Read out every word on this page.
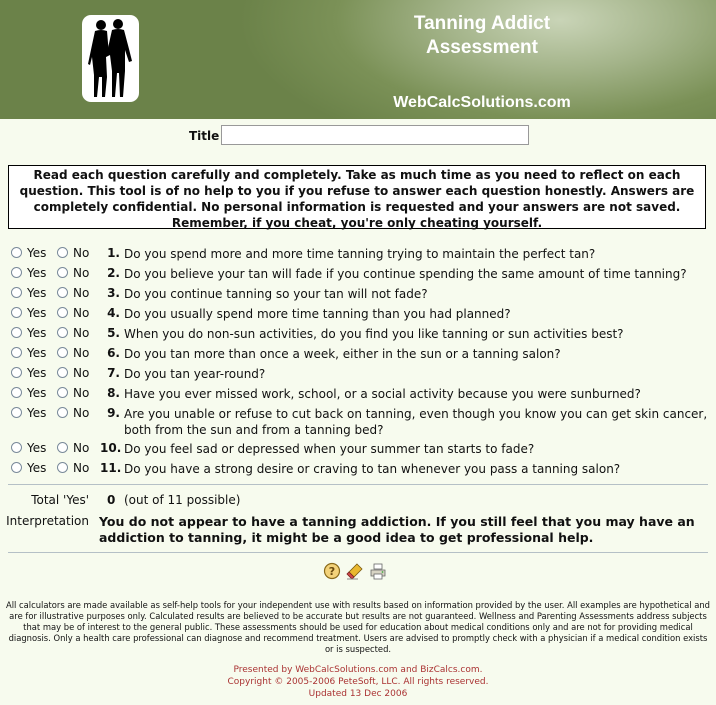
Tanning Addict Assessment
WebCalcSolutions.com
Title
Read each question carefully and completely. Take as much time as you need to reflect on each question. This tool is of no help to you if you refuse to answer each question honestly. Answers are completely confidential. No personal information is requested and your answers are not saved. Remember, if you cheat, you're only cheating yourself.
Yes No	1. Do you spend more and more time tanning trying to maintain the perfect tan?
Yes No	2. Do you believe your tan will fade if you continue spending the same amount of time tanning?
Yes No	3. Do you continue tanning so your tan will not fade?
Yes No	4. Do you usually spend more time tanning than you had planned?
Yes No	5. When you do non-sun activities, do you find you like tanning or sun activities best?
Yes No	6. Do you tan more than once a week, either in the sun or a tanning salon?
Yes No	7. Do you tan year-round?
Yes No	8. Have you ever missed work, school, or a social activity because you were sunburned?
Yes No	9. Are you unable or refuse to cut back on tanning, even though you know you can get skin cancer, both from the sun and from a tanning bed?
Yes No 10. Do you feel sad or depressed when your summer tan starts to fade?
Yes No 11. Do you have a strong desire or craving to tan whenever you pass a tanning salon?
Total 'Yes' 0 (out of 11 possible)
Interpretation You do not appear to have a tanning addiction. If you still feel that you may have an addiction to tanning, it might be a good idea to get professional help.
?
All calculators are made available as self-help tools for your independent use with results based on information provided by the user. All examples are hypothetical and are for illustrative purposes only. Calculated results are believed to be accurate but results are not guaranteed. Wellness and Parenting Assessments address subjects that may be of interest to the general public. These assessments should be used for education about medical conditions only and are not for providing medical diagnosis. Only a health care professional can diagnose and recommend treatment. Users are advised to promptly check with a physician if a medical condition exists or is suspected.
Presented by WebCalcSolutions.com and BizCalcs.com.
Copyright © 2005-2006 PeteSoft, LLC. All rights reserved.
Updated 13 Dec 2006
